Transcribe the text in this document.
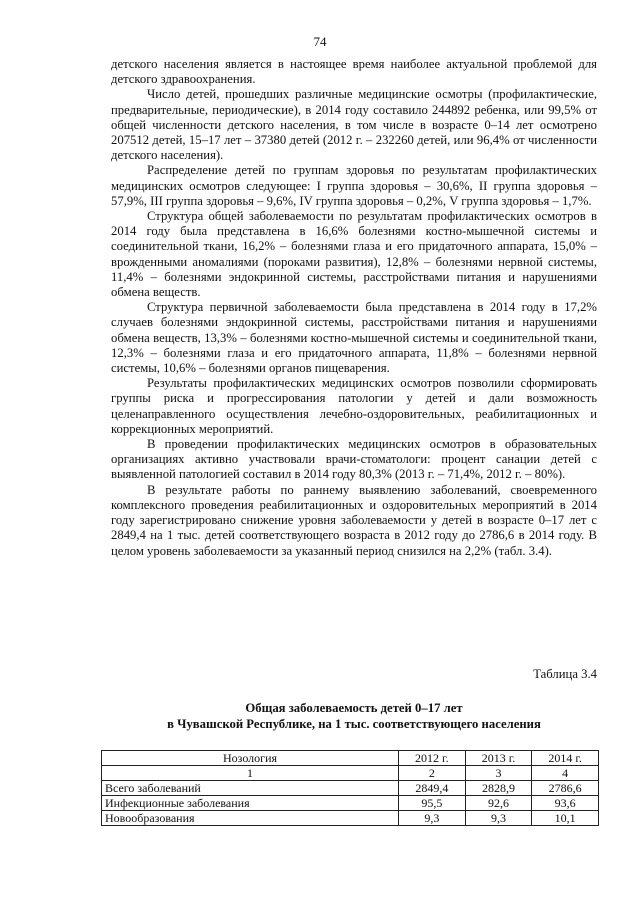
74

детского населения является в настоящее время наиболее актуальной проблемой для детского здравоохранения.

Число детей, прошедших различные медицинские осмотры (профилактические, предварительные, периодические), в 2014 году составило 244892 ребенка, или 99,5% от общей численности детского населения, в том числе в возрасте 0–14 лет осмотрено 207512 детей, 15–17 лет – 37380 детей (2012 г. – 232260 детей, или 96,4% от численности детского населения).

Распределение детей по группам здоровья по результатам профилактических медицинских осмотров следующее: I группа здоровья – 30,6%, II группа здоровья – 57,9%, III группа здоровья – 9,6%, IV группа здоровья – 0,2%, V группа здоровья – 1,7%.

Структура общей заболеваемости по результатам профилактических осмотров в 2014 году была представлена в 16,6% болезнями костно-мышечной системы и соединительной ткани, 16,2% – болезнями глаза и его придаточного аппарата, 15,0% – врожденными аномалиями (пороками развития), 12,8% – болезнями нервной системы, 11,4% – болезнями эндокринной системы, расстройствами питания и нарушениями обмена веществ.

Структура первичной заболеваемости была представлена в 2014 году в 17,2% случаев болезнями эндокринной системы, расстройствами питания и нарушениями обмена веществ, 13,3% – болезнями костно-мышечной системы и соединительной ткани, 12,3% – болезнями глаза и его придаточного аппарата, 11,8% – болезнями нервной системы, 10,6% – болезнями органов пищеварения.

Результаты профилактических медицинских осмотров позволили сформировать группы риска и прогрессирования патологии у детей и дали возможность целенаправленного осуществления лечебно-оздоровительных, реабилитационных и коррекционных мероприятий.

В проведении профилактических медицинских осмотров в образовательных организациях активно участвовали врачи-стоматологи: процент санации детей с выявленной патологией составил в 2014 году 80,3% (2013 г. – 71,4%, 2012 г. – 80%).

В результате работы по раннему выявлению заболеваний, своевременного комплексного проведения реабилитационных и оздоровительных мероприятий в 2014 году зарегистрировано снижение уровня заболеваемости у детей в возрасте 0–17 лет с 2849,4 на 1 тыс. детей соответствующего возраста в 2012 году до 2786,6 в 2014 году. В целом уровень заболеваемости за указанный период снизился на 2,2% (табл. 3.4).

Таблица 3.4
Общая заболеваемость детей 0–17 лет
в Чувашской Республике, на 1 тыс. соответствующего населения
Нозология	2012 г.	2013 г.	2014 г.
1	2	3	4
Всего заболеваний	2849,4	2828,9	2786,6
Инфекционные заболевания	95,5	92,6	93,6
Новообразования	9,3	9,3	10,1
